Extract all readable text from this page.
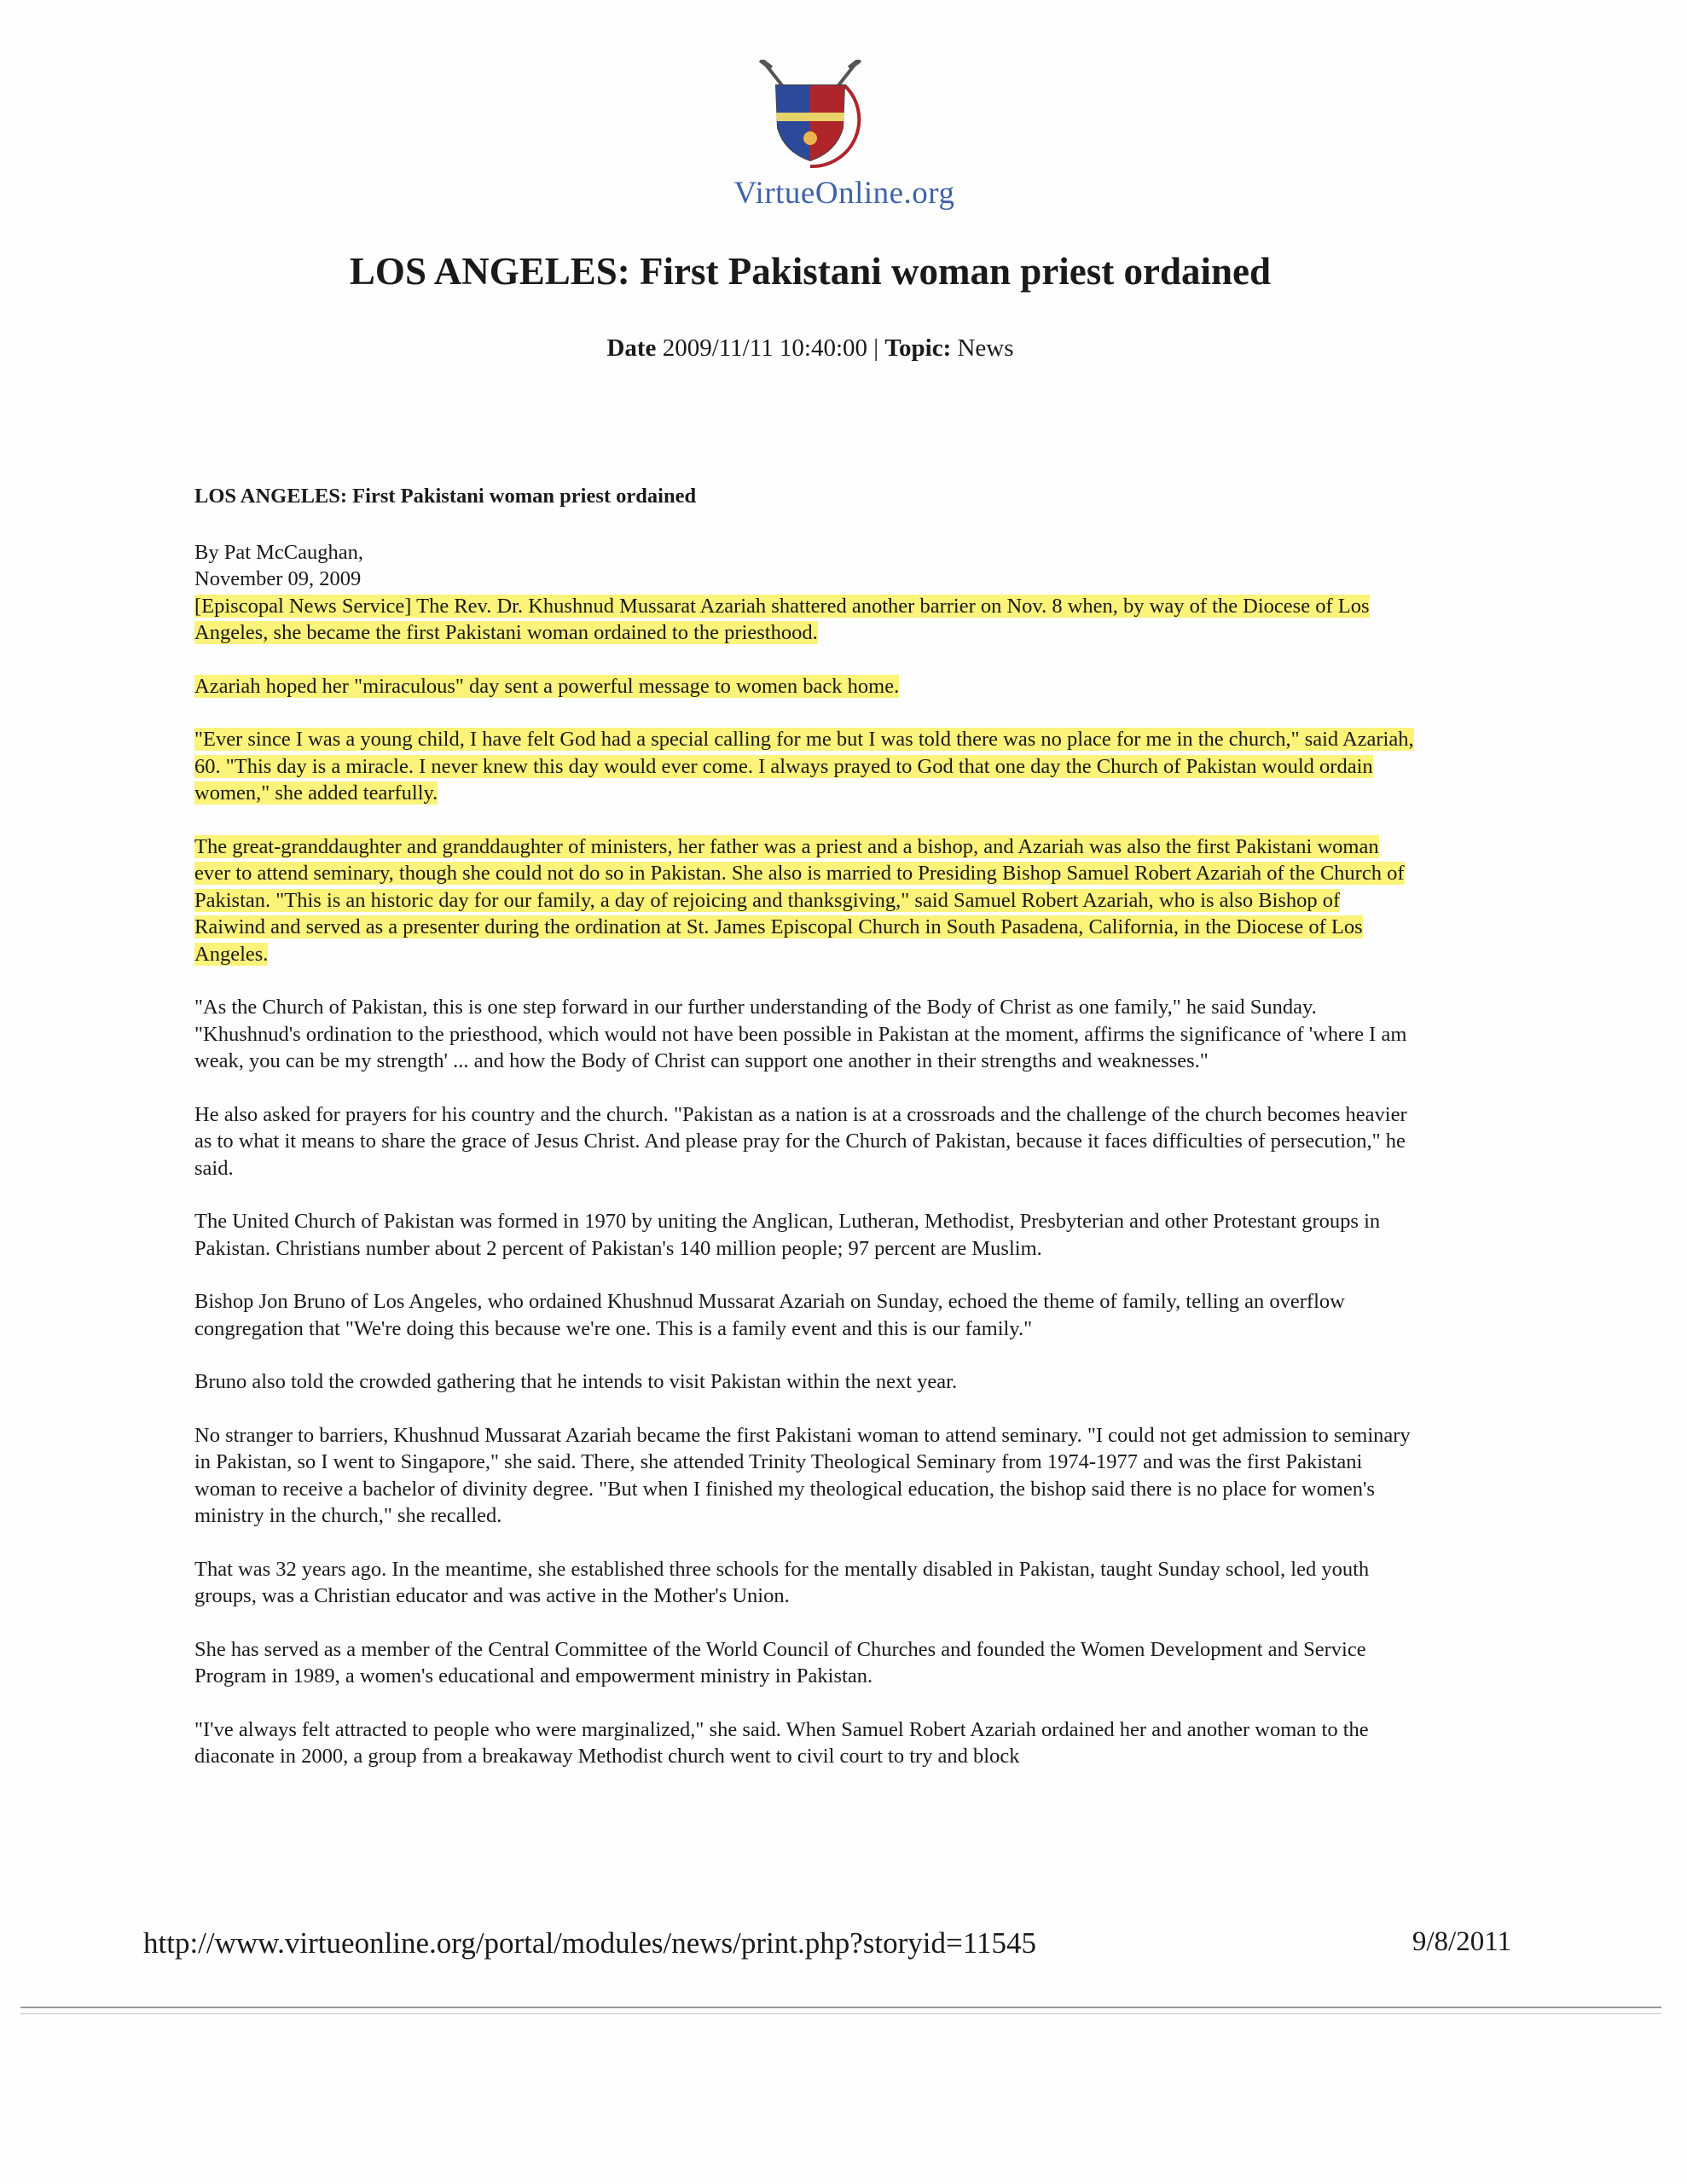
VirtueOnline.org
LOS ANGELES: First Pakistani woman priest ordained
Date 2009/11/11 10:40:00 | Topic: News

LOS ANGELES: First Pakistani woman priest ordained

By Pat McCaughan,
November 09, 2009

[Episcopal News Service] The Rev. Dr. Khushnud Mussarat Azariah shattered another barrier on Nov. 8 when, by way of the Diocese of Los Angeles, she became the first Pakistani woman ordained to the priesthood.

Azariah hoped her "miraculous" day sent a powerful message to women back home.

"Ever since I was a young child, I have felt God had a special calling for me but I was told there was no place for me in the church," said Azariah, 60. "This day is a miracle. I never knew this day would ever come. I always prayed to God that one day the Church of Pakistan would ordain women," she added tearfully.

The great-granddaughter and granddaughter of ministers, her father was a priest and a bishop, and Azariah was also the first Pakistani woman ever to attend seminary, though she could not do so in Pakistan. She also is married to Presiding Bishop Samuel Robert Azariah of the Church of Pakistan. "This is an historic day for our family, a day of rejoicing and thanksgiving," said Samuel Robert Azariah, who is also Bishop of Raiwind and served as a presenter during the ordination at St. James Episcopal Church in South Pasadena, California, in the Diocese of Los Angeles.

"As the Church of Pakistan, this is one step forward in our further understanding of the Body of Christ as one family," he said Sunday. "Khushnud's ordination to the priesthood, which would not have been possible in Pakistan at the moment, affirms the significance of 'where I am weak, you can be my strength' ... and how the Body of Christ can support one another in their strengths and weaknesses."

He also asked for prayers for his country and the church. "Pakistan as a nation is at a crossroads and the challenge of the church becomes heavier as to what it means to share the grace of Jesus Christ. And please pray for the Church of Pakistan, because it faces difficulties of persecution," he said.

The United Church of Pakistan was formed in 1970 by uniting the Anglican, Lutheran, Methodist, Presbyterian and other Protestant groups in Pakistan. Christians number about 2 percent of Pakistan's 140 million people; 97 percent are Muslim.

Bishop Jon Bruno of Los Angeles, who ordained Khushnud Mussarat Azariah on Sunday, echoed the theme of family, telling an overflow congregation that "We're doing this because we're one. This is a family event and this is our family."

Bruno also told the crowded gathering that he intends to visit Pakistan within the next year.

No stranger to barriers, Khushnud Mussarat Azariah became the first Pakistani woman to attend seminary. "I could not get admission to seminary in Pakistan, so I went to Singapore," she said. There, she attended Trinity Theological Seminary from 1974-1977 and was the first Pakistani woman to receive a bachelor of divinity degree. "But when I finished my theological education, the bishop said there is no place for women's ministry in the church," she recalled.

That was 32 years ago. In the meantime, she established three schools for the mentally disabled in Pakistan, taught Sunday school, led youth groups, was a Christian educator and was active in the Mother's Union.

She has served as a member of the Central Committee of the World Council of Churches and founded the Women Development and Service Program in 1989, a women's educational and empowerment ministry in Pakistan.

"I've always felt attracted to people who were marginalized," she said. When Samuel Robert Azariah ordained her and another woman to the diaconate in 2000, a group from a breakaway Methodist church went to civil court to try and block

http://www.virtueonline.org/portal/modules/news/print.php?storyid=11545	9/8/2011
